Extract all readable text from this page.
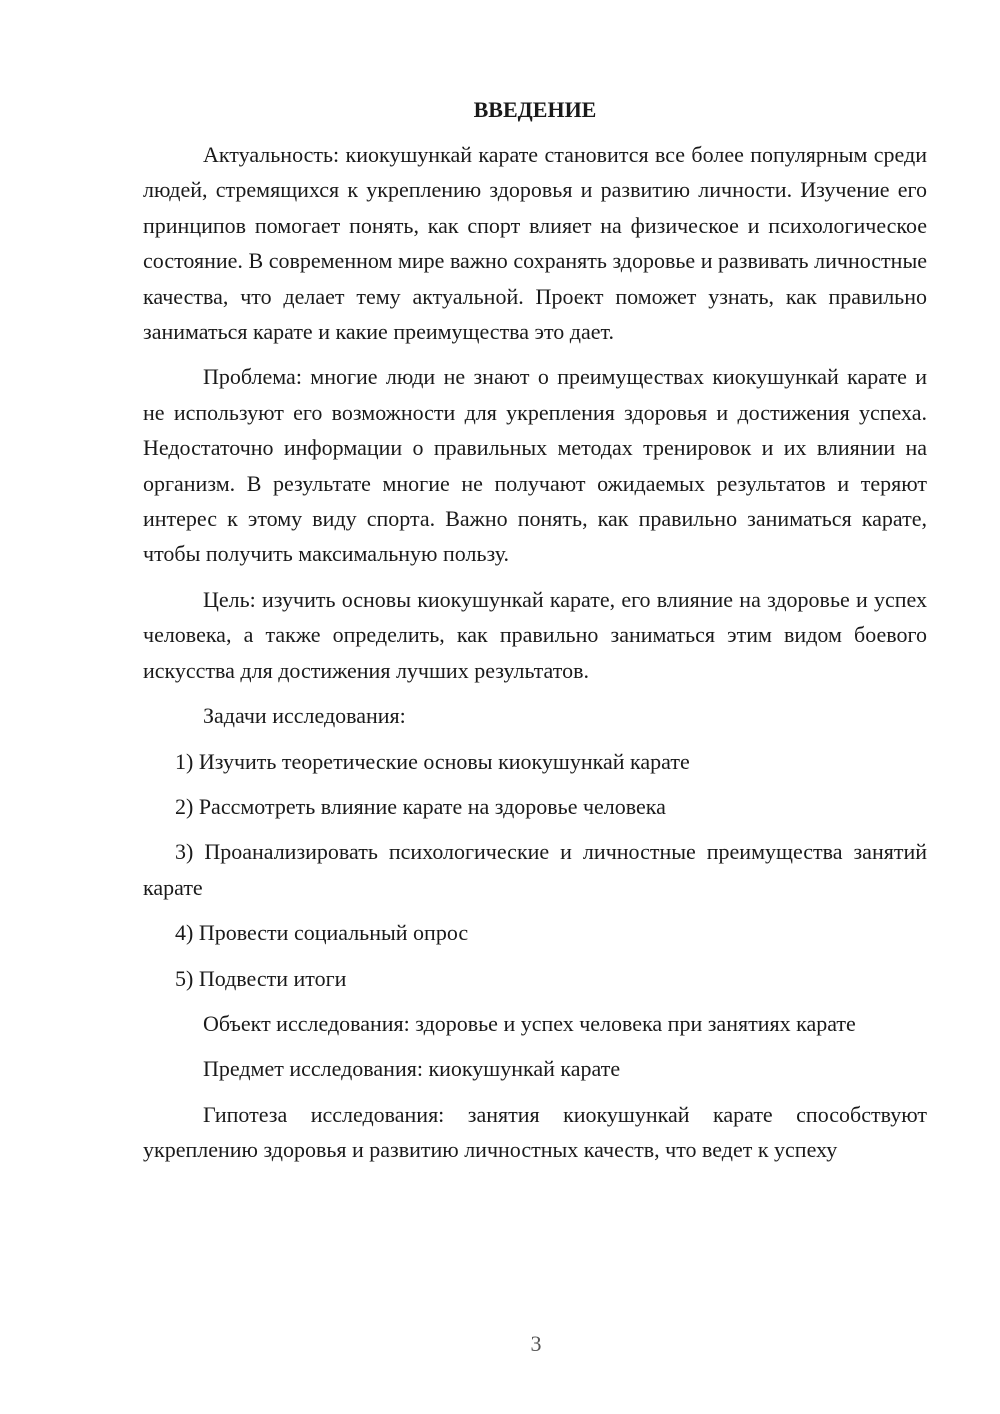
ВВЕДЕНИЕ

Актуальность: киокушункай карате становится все более популярным среди людей, стремящихся к укреплению здоровья и развитию личности. Изучение его принципов помогает понять, как спорт влияет на физическое и психологическое состояние. В современном мире важно сохранять здоровье и развивать личностные качества, что делает тему актуальной. Проект поможет узнать, как правильно заниматься карате и какие преимущества это дает.

Проблема: многие люди не знают о преимуществах киокушункай карате и не используют его возможности для укрепления здоровья и достижения успеха. Недостаточно информации о правильных методах тренировок и их влиянии на организм. В результате многие не получают ожидаемых результатов и теряют интерес к этому виду спорта. Важно понять, как правильно заниматься карате, чтобы получить максимальную пользу.

Цель: изучить основы киокушункай карате, его влияние на здоровье и успех человека, а также определить, как правильно заниматься этим видом боевого искусства для достижения лучших результатов.

Задачи исследования:

1) Изучить теоретические основы киокушункай карате

2) Рассмотреть влияние карате на здоровье человека

3) Проанализировать психологические и личностные преимущества занятий карате

4) Провести социальный опрос

5) Подвести итоги

Объект исследования: здоровье и успех человека при занятиях карате

Предмет исследования: киокушункай карате

Гипотеза исследования: занятия киокушункай карате способствуют укреплению здоровья и развитию личностных качеств, что ведет к успеху

3
